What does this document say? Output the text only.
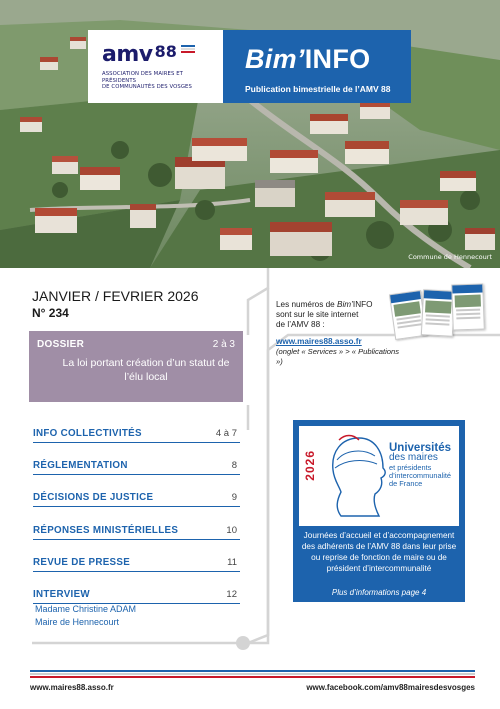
Commune de Hennecourt
amv 88
ASSOCIATION DES MAIRES ET PRÉSIDENTS
DE COMMUNAUTÉS DES VOSGES
Bim’INFO
Publication bimestrielle de l’AMV 88
JANVIER / FEVRIER 2026
N° 234
DOSSIER	2 à 3
La loi portant création d’un statut de l’élu local
INFO COLLECTIVITÉS	4 à 7
RÉGLEMENTATION	8
DÉCISIONS DE JUSTICE	9
RÉPONSES MINISTÉRIELLES	10
REVUE DE PRESSE	11
INTERVIEW	12
Madame Christine ADAM
Maire de Hennecourt
Les numéros de Bim’INFO
sont sur le site internet
de l’AMV 88 :
www.maires88.asso.fr
(onglet « Services » > « Publications »)
2026
Universités
des maires
et présidents
d’intercommunalité
de France
Journées d’accueil et d’accompagnement des adhérents de l’AMV 88 dans leur prise ou reprise de fonction de maire ou de président d’intercommunalité
Plus d’informations page 4
www.maires88.asso.fr	www.facebook.com/amv88mairesdesvosges
